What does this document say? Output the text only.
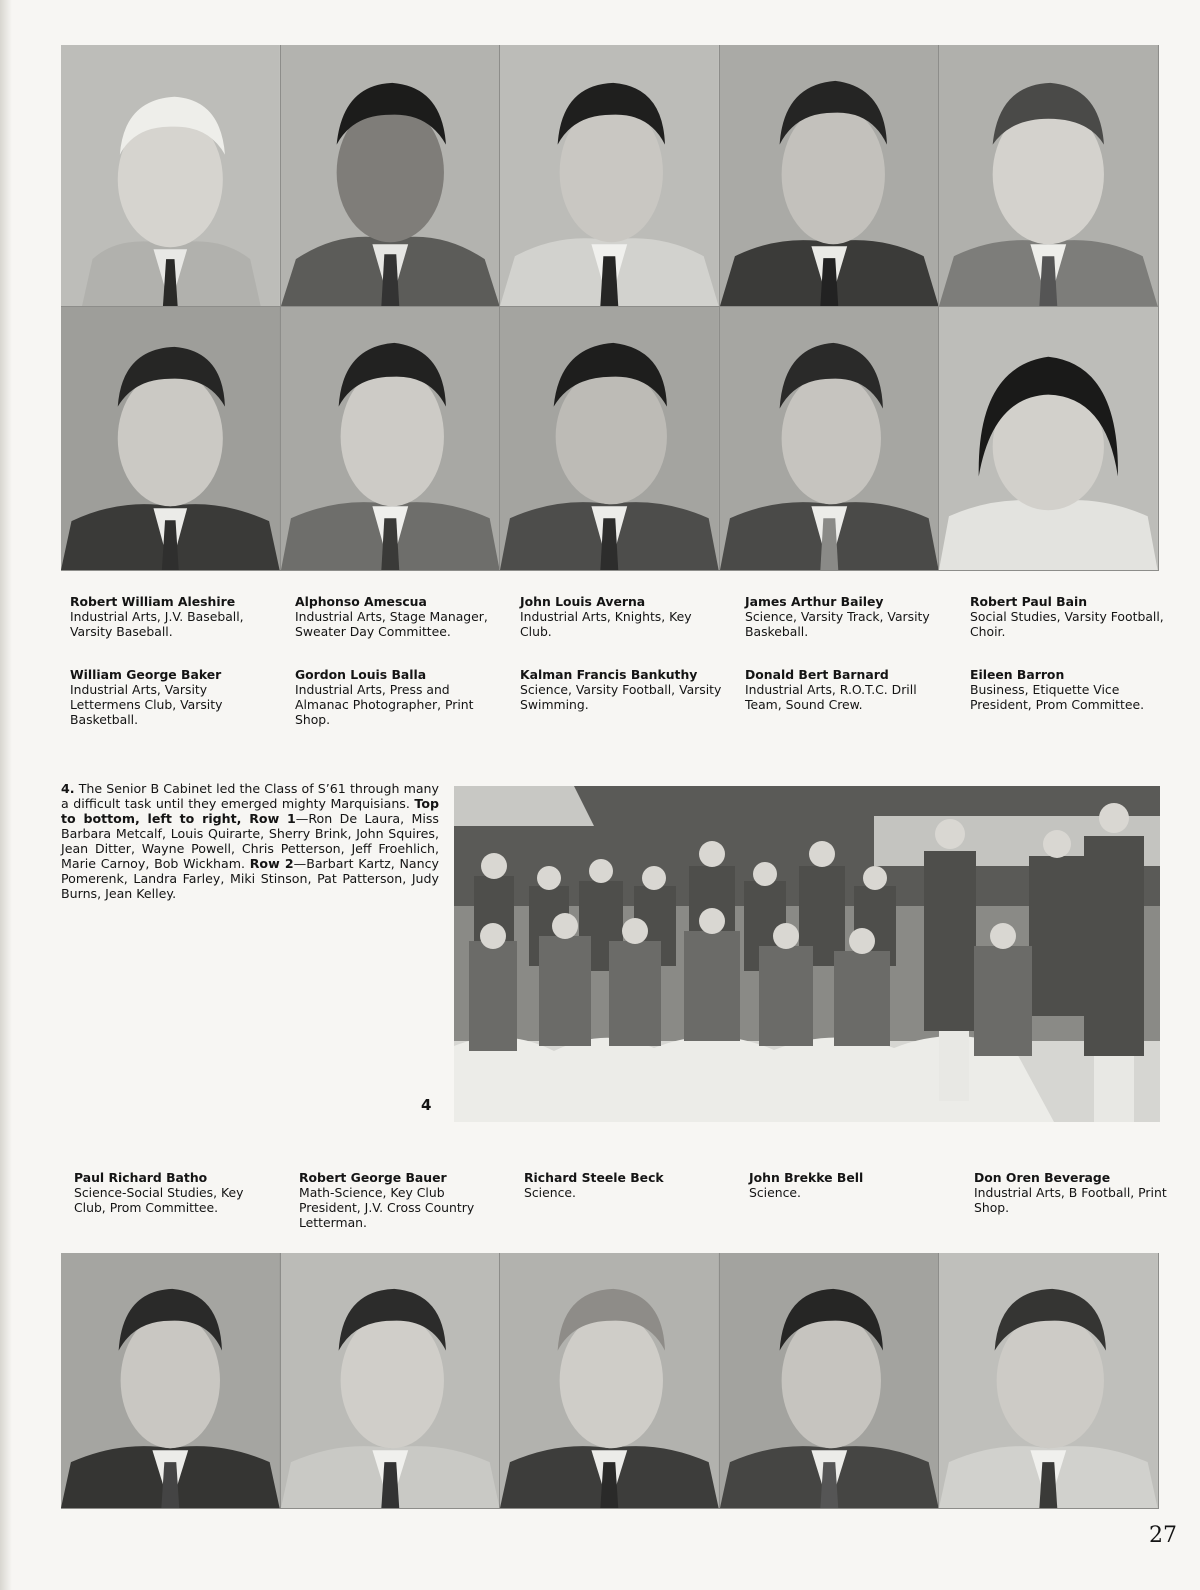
Robert William Aleshire
Industrial Arts, J.V. Baseball, Varsity Baseball.
Alphonso Amescua
Industrial Arts, Stage Manager, Sweater Day Committee.
John Louis Averna
Industrial Arts, Knights, Key Club.
James Arthur Bailey
Science, Varsity Track, Varsity Baskeball.
Robert Paul Bain
Social Studies, Varsity Football, Choir.
William George Baker
Industrial Arts, Varsity Lettermens Club, Varsity Basketball.
Gordon Louis Balla
Industrial Arts, Press and Almanac Photographer, Print Shop.
Kalman Francis Bankuthy
Science, Varsity Football, Varsity Swimming.
Donald Bert Barnard
Industrial Arts, R.O.T.C. Drill Team, Sound Crew.
Eileen Barron
Business, Etiquette Vice President, Prom Committee.
4. The Senior B Cabinet led the Class of S’61 through many a difficult task until they emerged mighty Marquisians. Top to bottom, left to right, Row 1—Ron De Laura, Miss Barbara Metcalf, Louis Quirarte, Sherry Brink, John Squires, Jean Ditter, Wayne Powell, Chris Petterson, Jeff Froehlich, Marie Carnoy, Bob Wickham. Row 2—Barbart Kartz, Nancy Pomerenk, Landra Farley, Miki Stinson, Pat Patterson, Judy Burns, Jean Kelley.
4
Paul Richard Batho
Science-Social Studies, Key Club, Prom Committee.
Robert George Bauer
Math-Science, Key Club President, J.V. Cross Country Letterman.
Richard Steele Beck
Science.
John Brekke Bell
Science.
Don Oren Beverage
Industrial Arts, B Football, Print Shop.
27
